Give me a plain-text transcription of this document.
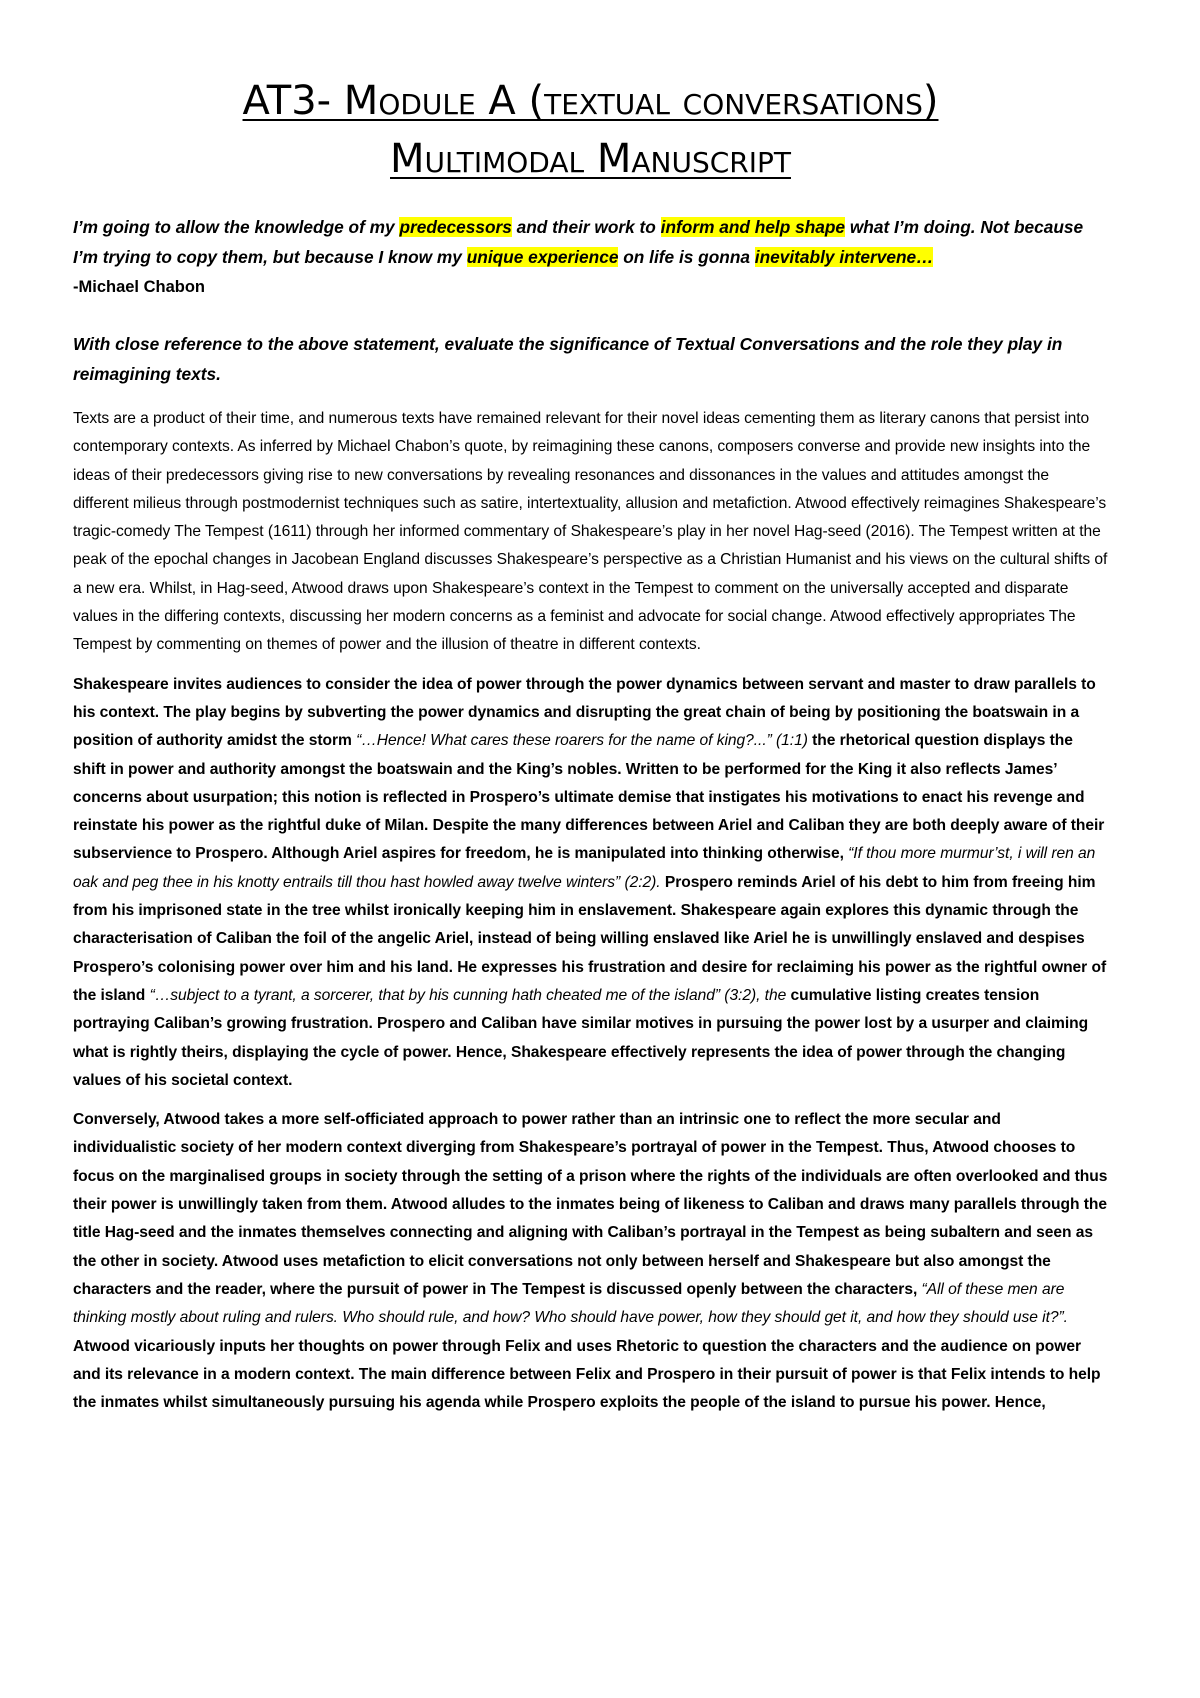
AT3- Module A (textual conversations)
Multimodal Manuscript

I’m going to allow the knowledge of my predecessors and their work to inform and help shape what I’m doing. Not because I’m trying to copy them, but because I know my unique experience on life is gonna inevitably intervene…

-Michael Chabon

With close reference to the above statement, evaluate the significance of Textual Conversations and the role they play in reimagining texts.

Texts are a product of their time, and numerous texts have remained relevant for their novel ideas cementing them as literary canons that persist into contemporary contexts. As inferred by Michael Chabon’s quote, by reimagining these canons, composers converse and provide new insights into the ideas of their predecessors giving rise to new conversations by revealing resonances and dissonances in the values and attitudes amongst the different milieus through postmodernist techniques such as satire, intertextuality, allusion and metafiction. Atwood effectively reimagines Shakespeare’s tragic-comedy The Tempest (1611) through her informed commentary of Shakespeare’s play in her novel Hag-seed (2016). The Tempest written at the peak of the epochal changes in Jacobean England discusses Shakespeare’s perspective as a Christian Humanist and his views on the cultural shifts of a new era. Whilst, in Hag-seed, Atwood draws upon Shakespeare’s context in the Tempest to comment on the universally accepted and disparate values in the differing contexts, discussing her modern concerns as a feminist and advocate for social change. Atwood effectively appropriates The Tempest by commenting on themes of power and the illusion of theatre in different contexts.

Shakespeare invites audiences to consider the idea of power through the power dynamics between servant and master to draw parallels to his context. The play begins by subverting the power dynamics and disrupting the great chain of being by positioning the boatswain in a position of authority amidst the storm “…Hence! What cares these roarers for the name of king?...” (1:1) the rhetorical question displays the shift in power and authority amongst the boatswain and the King’s nobles. Written to be performed for the King it also reflects James’ concerns about usurpation; this notion is reflected in Prospero’s ultimate demise that instigates his motivations to enact his revenge and reinstate his power as the rightful duke of Milan. Despite the many differences between Ariel and Caliban they are both deeply aware of their subservience to Prospero. Although Ariel aspires for freedom, he is manipulated into thinking otherwise, “If thou more murmur’st, i will ren an oak and peg thee in his knotty entrails till thou hast howled away twelve winters” (2:2). Prospero reminds Ariel of his debt to him from freeing him from his imprisoned state in the tree whilst ironically keeping him in enslavement. Shakespeare again explores this dynamic through the characterisation of Caliban the foil of the angelic Ariel, instead of being willing enslaved like Ariel he is unwillingly enslaved and despises Prospero’s colonising power over him and his land. He expresses his frustration and desire for reclaiming his power as the rightful owner of the island “…subject to a tyrant, a sorcerer, that by his cunning hath cheated me of the island” (3:2), the cumulative listing creates tension portraying Caliban’s growing frustration. Prospero and Caliban have similar motives in pursuing the power lost by a usurper and claiming what is rightly theirs, displaying the cycle of power. Hence, Shakespeare effectively represents the idea of power through the changing values of his societal context.

Conversely, Atwood takes a more self-officiated approach to power rather than an intrinsic one to reflect the more secular and individualistic society of her modern context diverging from Shakespeare’s portrayal of power in the Tempest. Thus, Atwood chooses to focus on the marginalised groups in society through the setting of a prison where the rights of the individuals are often overlooked and thus their power is unwillingly taken from them. Atwood alludes to the inmates being of likeness to Caliban and draws many parallels through the title Hag-seed and the inmates themselves connecting and aligning with Caliban’s portrayal in the Tempest as being subaltern and seen as the other in society. Atwood uses metafiction to elicit conversations not only between herself and Shakespeare but also amongst the characters and the reader, where the pursuit of power in The Tempest is discussed openly between the characters, “All of these men are thinking mostly about ruling and rulers. Who should rule, and how? Who should have power, how they should get it, and how they should use it?”. Atwood vicariously inputs her thoughts on power through Felix and uses Rhetoric to question the characters and the audience on power and its relevance in a modern context. The main difference between Felix and Prospero in their pursuit of power is that Felix intends to help the inmates whilst simultaneously pursuing his agenda while Prospero exploits the people of the island to pursue his power. Hence,
